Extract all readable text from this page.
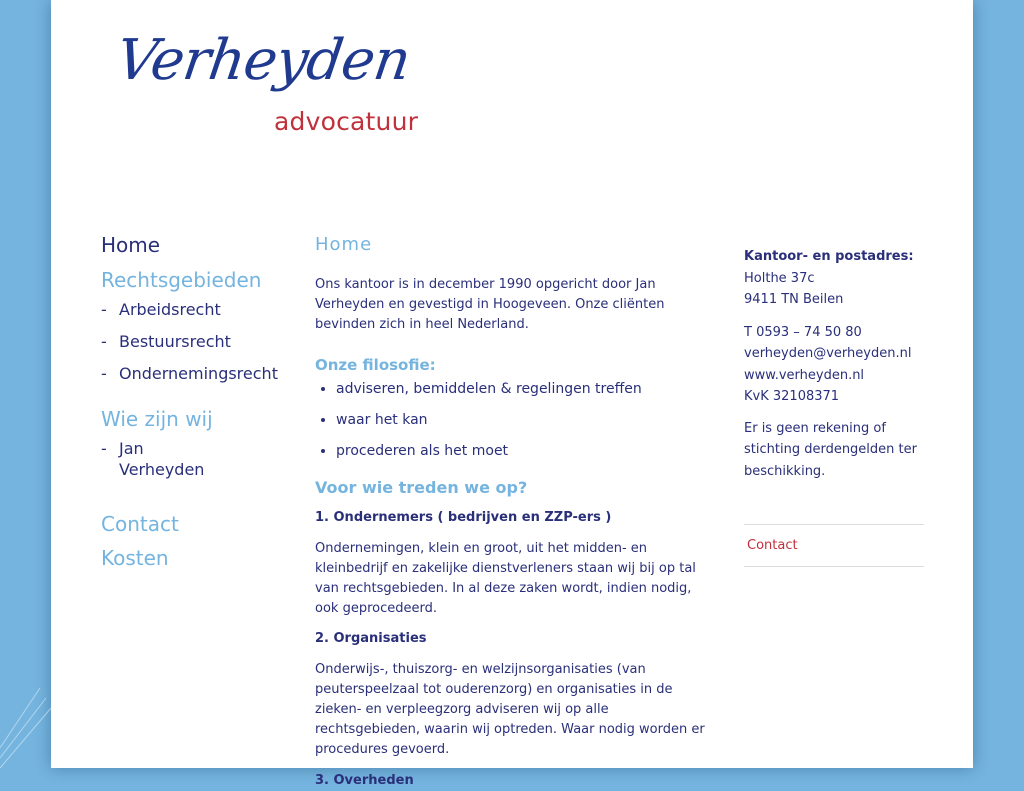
Verheyden
advocatuur
Home
Rechtsgebieden
- Arbeidsrecht
- Bestuursrecht
- Ondernemingsrecht
Wie zijn wij
- Jan Verheyden
Contact
Kosten
Home

Ons kantoor is in december 1990 opgericht door Jan Verheyden en gevestigd in Hoogeveen. Onze cliënten bevinden zich in heel Nederland.

Onze filosofie:
• adviseren, bemiddelen & regelingen treffen
• waar het kan
• procederen als het moet
Voor wie treden we op?

1. Ondernemers ( bedrijven en ZZP-ers )

Ondernemingen, klein en groot, uit het midden- en kleinbedrijf en zakelijke dienstverleners staan wij bij op tal van rechtsgebieden. In al deze zaken wordt, indien nodig, ook geprocedeerd.

2. Organisaties

Onderwijs-, thuiszorg- en welzijnsorganisaties (van peuterspeelzaal tot ouderenzorg) en organisaties in de zieken- en verpleegzorg adviseren wij op alle rechtsgebieden, waarin wij optreden. Waar nodig worden er procedures gevoerd.

3. Overheden

Kantoor- en postadres:
Holthe 37c
9411 TN Beilen
T 0593 – 74 50 80
verheyden@verheyden.nl
www.verheyden.nl
KvK 32108371
Er is geen rekening of stichting derdengelden ter beschikking.
Contact
